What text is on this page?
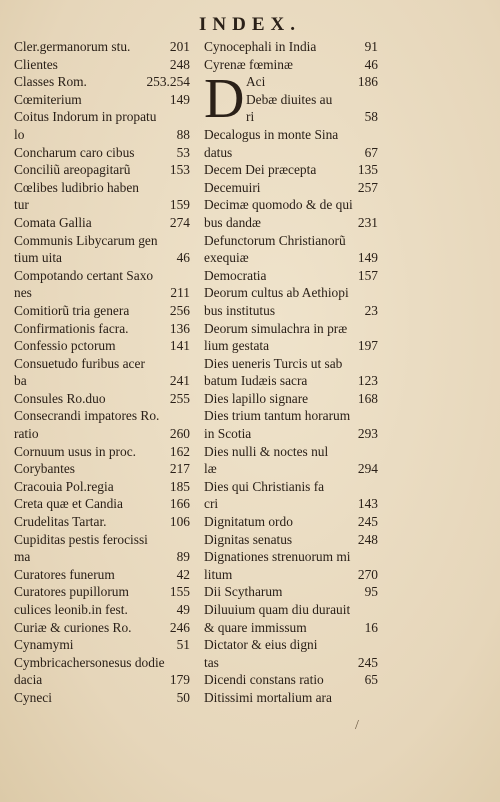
INDEX.
Cler.germanorum stu.	201
Clientes	248
Classes Rom.	253.254
Cœmiterium	149
Coitus Indorum in propatu
lo	88
Concharum caro cibus	53
Conciliũ areopagitarũ	153
Cœlibes ludibrio haben
tur	159
Comata Gallia	274
Communis Libycarum gen
tium uita	46
Compotando certant Saxo
nes	211
Comitiorũ tria genera	256
Confirmationis facra.	136
Confessio pctorum	141
Consuetudo furibus acer
ba	241
Consules Ro.duo	255
Consecrandi impatores Ro.
ratio	260
Cornuum usus in proc.	162
Corybantes	217
Cracouia Pol.regia	185
Creta quæ et Candia	166
Crudelitas Tartar.	106
Cupiditas pestis ferocissi
ma	89
Curatores funerum	42
Curatores pupillorum	155
culices leonib.in fest.	49
Curiæ & curiones Ro.	246
Cynamymi	51
Cymbricachersonesus dodie
dacia	179
Cyneci	50
Cynocephali in India	91
Cyrenæ fœminæ	46
D Aci	186
Debæ diuites au
ri	58
Decalogus in monte Sina
datus	67
Decem Dei præcepta	135
Decemuiri	257
Decimæ quomodo & de qui
bus dandæ	231
Defunctorum Christianorũ
exequiæ	149
Democratia	157
Deorum cultus ab Aethiopi
bus institutus	23
Deorum simulachra in præ
lium gestata	197
Dies ueneris Turcis ut sab
batum Iudæis sacra	123
Dies lapillo signare	168
Dies trium tantum horarum
in Scotia	293
Dies nulli & noctes nul
læ	294
Dies qui Christianis fa
cri	143
Dignitatum ordo	245
Dignitas senatus	248
Dignationes strenuorum mi
litum	270
Dii Scytharum	95
Diluuium quam diu durauit
& quare immissum	16
Dictator & eius digni
tas	245
Dicendi constans ratio	65
Ditissimi mortalium ara
/
